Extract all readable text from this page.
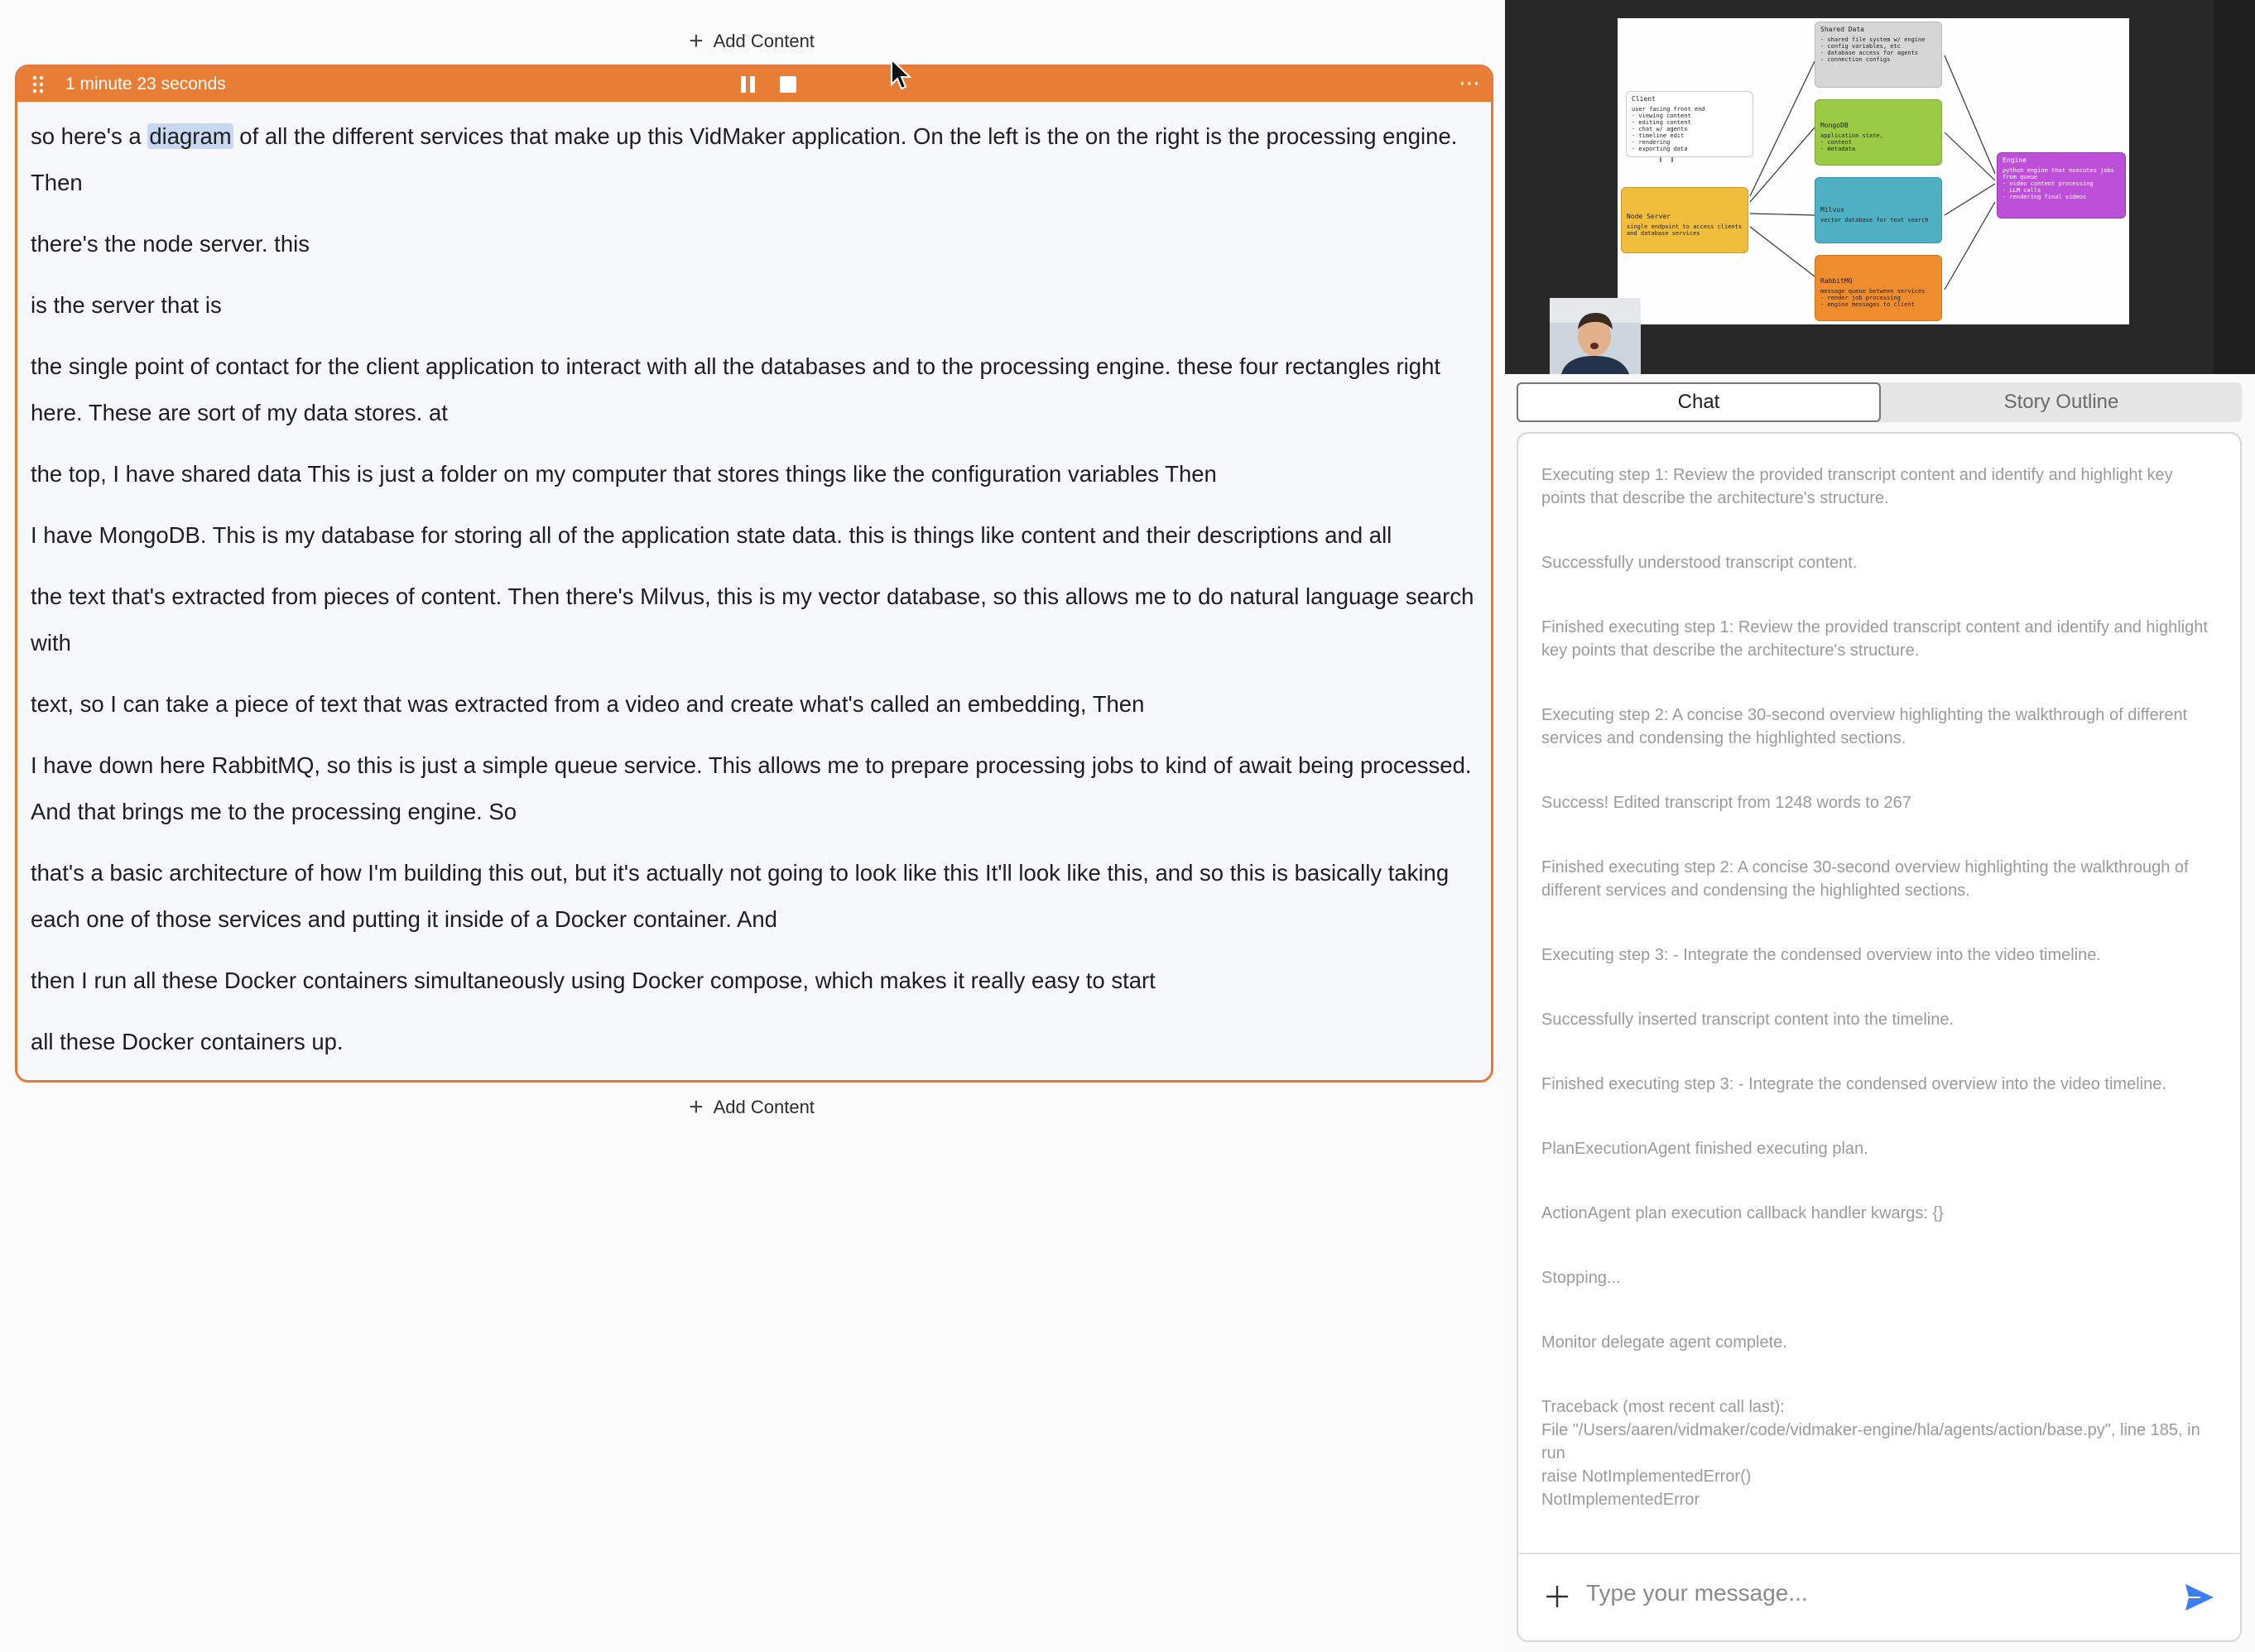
+ Add Content
1 minute 23 seconds	⋯

so here's a diagram of all the different services that make up this VidMaker application. On the left is the on the right is the processing engine. Then

there's the node server. this

is the server that is

the single point of contact for the client application to interact with all the databases and to the processing engine. these four rectangles right here. These are sort of my data stores. at

the top, I have shared data This is just a folder on my computer that stores things like the configuration variables Then

I have MongoDB. This is my database for storing all of the application state data. this is things like content and their descriptions and all

the text that's extracted from pieces of content. Then there's Milvus, this is my vector database, so this allows me to do natural language search with

text, so I can take a piece of text that was extracted from a video and create what's called an embedding, Then

I have down here RabbitMQ, so this is just a simple queue service. This allows me to prepare processing jobs to kind of await being processed. And that brings me to the processing engine. So

that's a basic architecture of how I'm building this out, but it's actually not going to look like this It'll look like this, and so this is basically taking each one of those services and putting it inside of a Docker container. And

then I run all these Docker containers simultaneously using Docker compose, which makes it really easy to start

all these Docker containers up.

+ Add Content
Client
user facing front end
- viewing content
- editing content
- chat w/ agents
- timeline edit
- rendering
- exporting data
Node Server
single endpoint to access clients
and database services
Shared Data
- shared file system w/ engine
- config variables, etc
- database access for agents
- connection configs
MongoDB
application state,
- content
- metadata
Milvus
vector database for text search
RabbitMQ
message queue between services
- render job processing
- engine messages to client
Engine
python engine that executes jobs from queue
- video content processing
- LLM calls
- rendering final videos
Chat	Story Outline

Executing step 1: Review the provided transcript content and identify and highlight key points that describe the architecture's structure.

Successfully understood transcript content.

Finished executing step 1: Review the provided transcript content and identify and highlight key points that describe the architecture's structure.

Executing step 2: A concise 30-second overview highlighting the walkthrough of different services and condensing the highlighted sections.

Success! Edited transcript from 1248 words to 267

Finished executing step 2: A concise 30-second overview highlighting the walkthrough of different services and condensing the highlighted sections.

Executing step 3: - Integrate the condensed overview into the video timeline.

Successfully inserted transcript content into the timeline.

Finished executing step 3: - Integrate the condensed overview into the video timeline.

PlanExecutionAgent finished executing plan.

ActionAgent plan execution callback handler kwargs: {}

Stopping...

Monitor delegate agent complete.

Traceback (most recent call last):
File "/Users/aaren/vidmaker/code/vidmaker-engine/hla/agents/action/base.py", line 185, in run
raise NotImplementedError()
NotImplementedError
Type your message...
